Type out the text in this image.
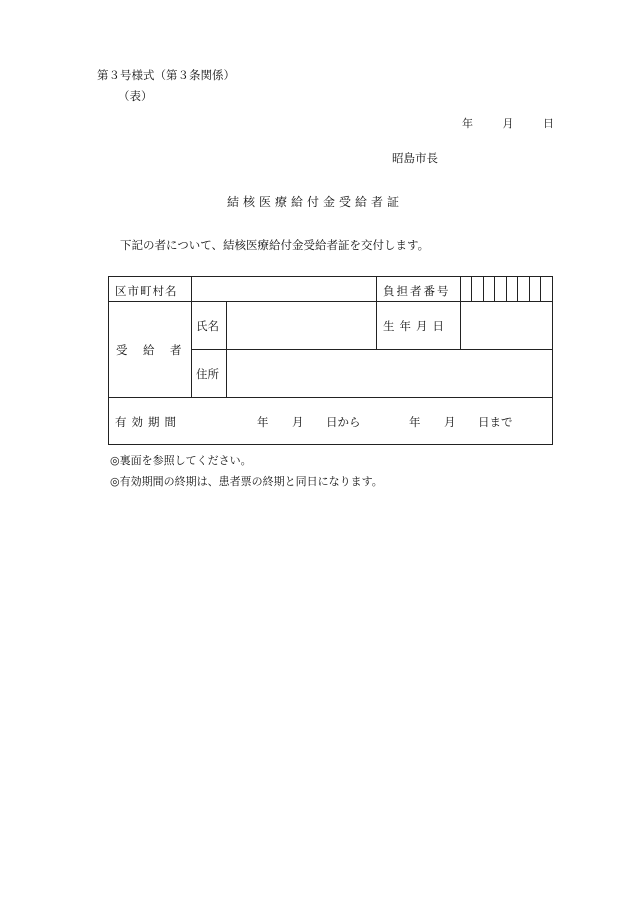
第３号様式（第３条関係）
（表）
年	月	日
昭島市長
結核医療給付金受給者証
下記の者について、結核医療給付金受給者証を交付します。
区市町村名	負担者番号
受　給　者
氏名	生年月日
住所
有効期間	年 月 日から	年 月 日まで
◎裏面を参照してください。
◎有効期間の終期は、患者票の終期と同日になります。
